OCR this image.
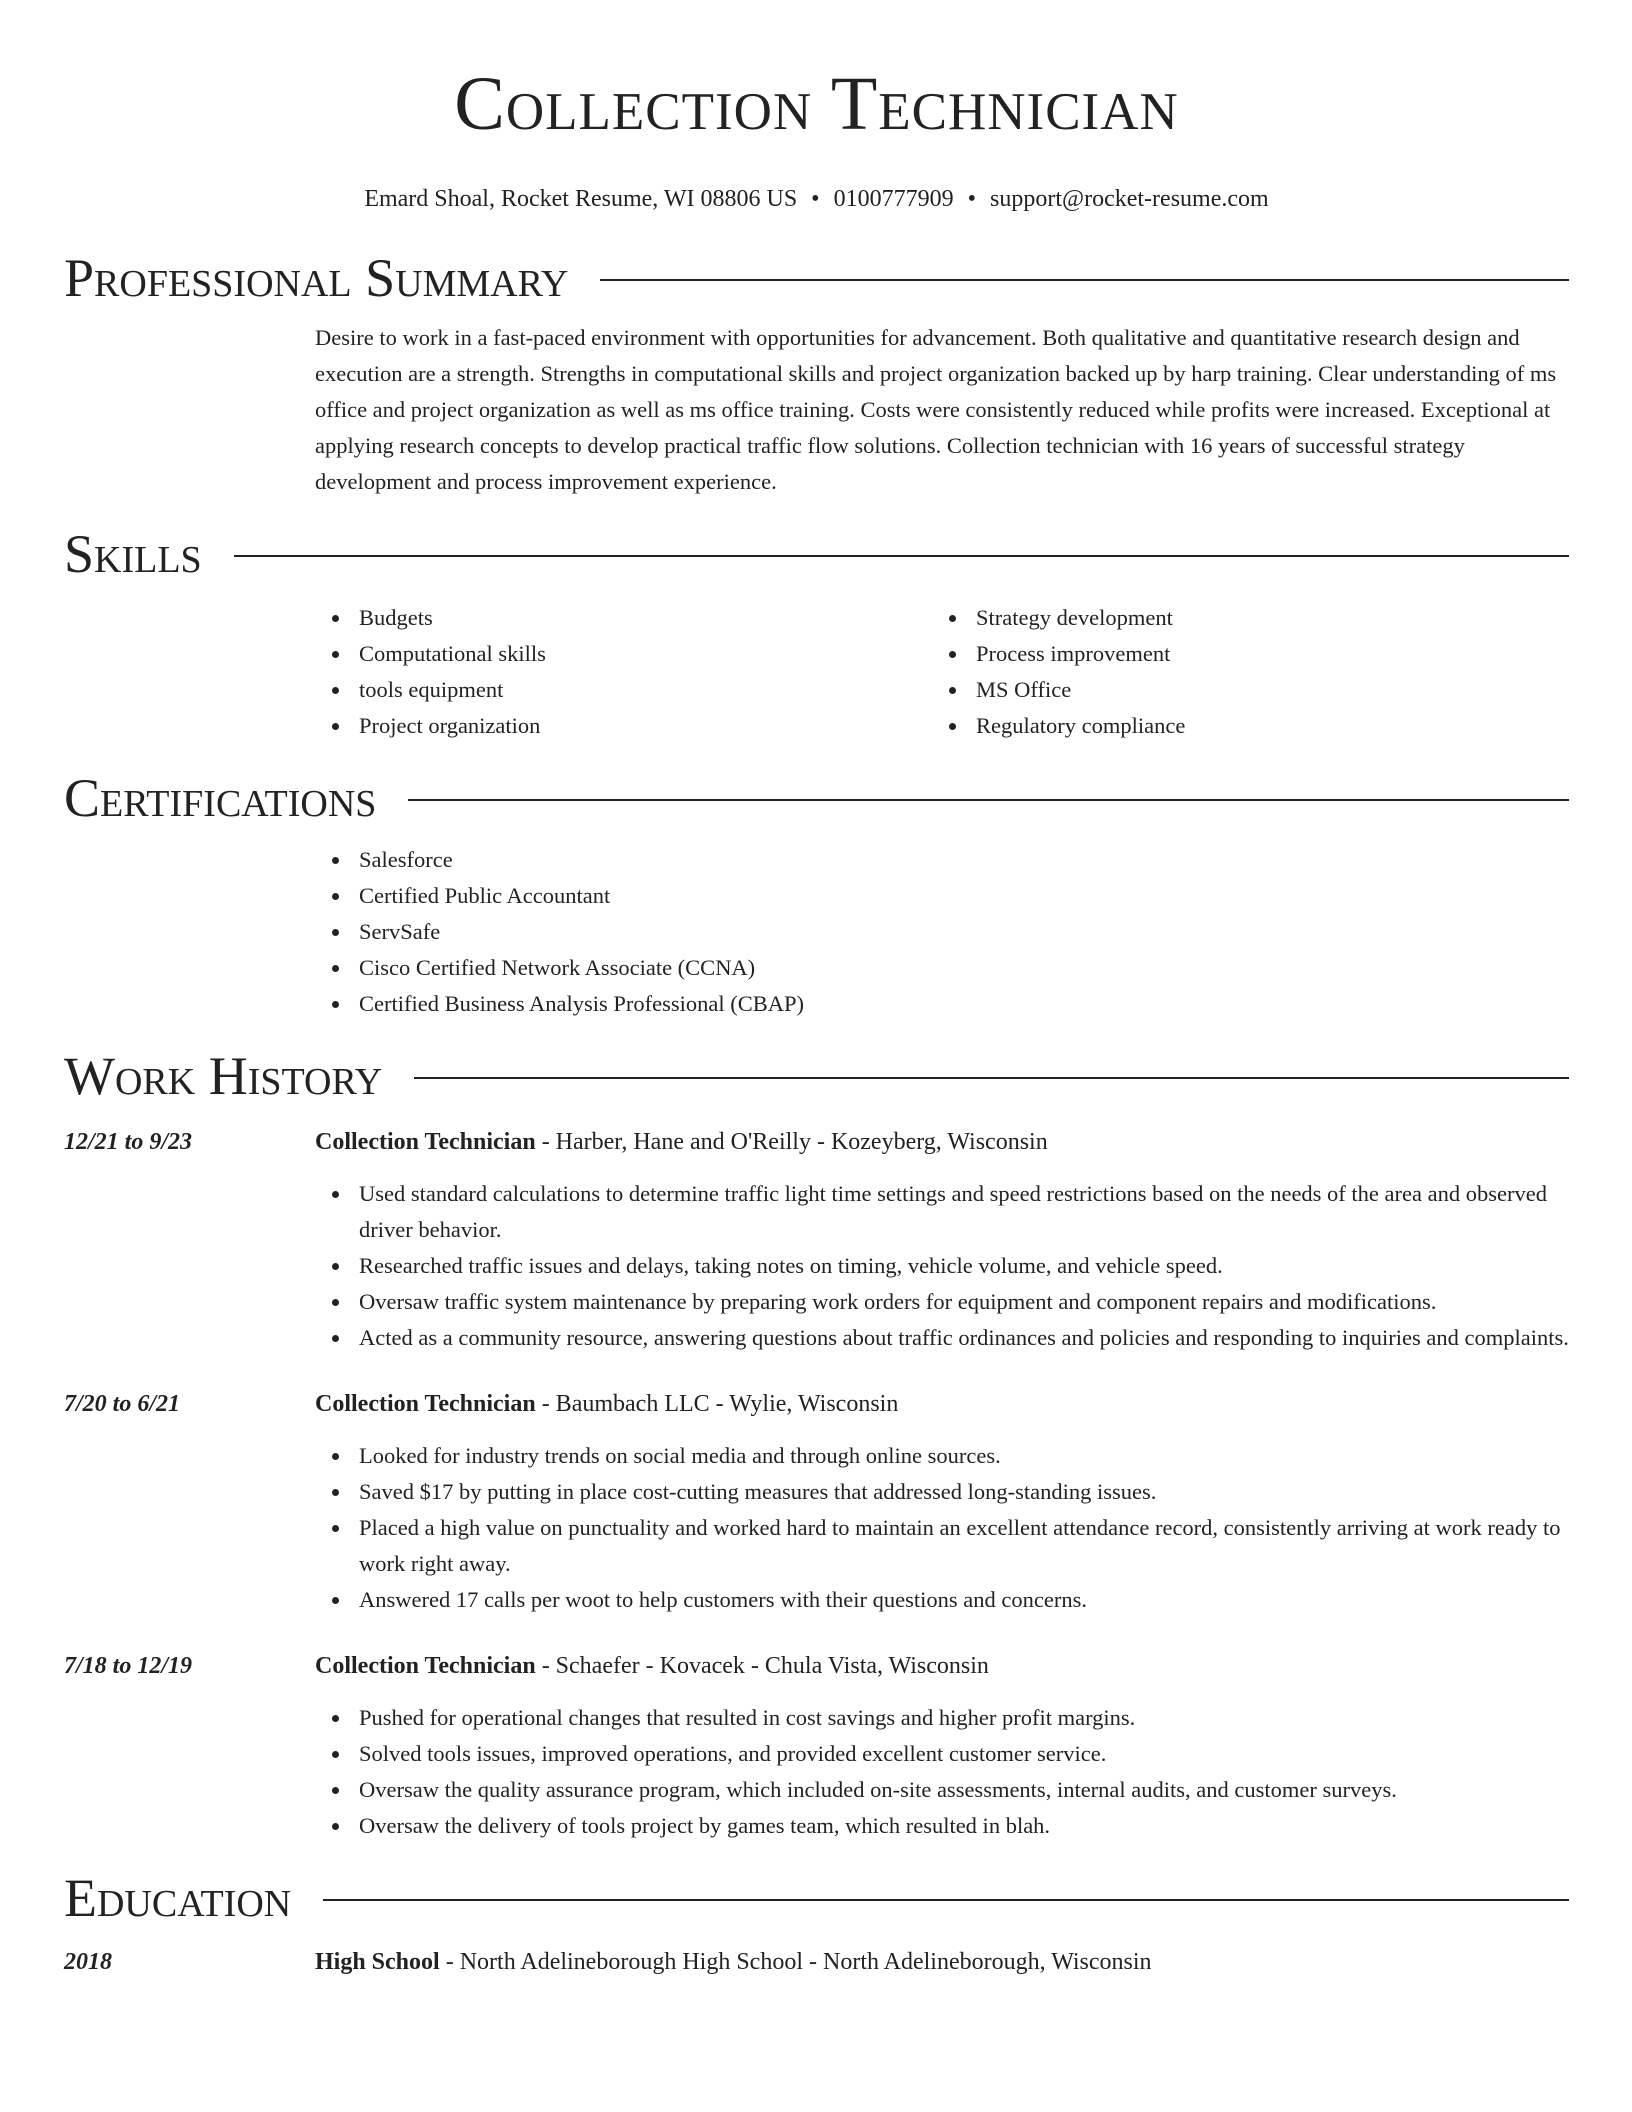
Collection Technician
Emard Shoal, Rocket Resume, WI 08806 US • 0100777909 • support@rocket-resume.com
Professional Summary

Desire to work in a fast-paced environment with opportunities for advancement. Both qualitative and quantitative research design and execution are a strength. Strengths in computational skills and project organization backed up by harp training. Clear understanding of ms office and project organization as well as ms office training. Costs were consistently reduced while profits were increased. Exceptional at applying research concepts to develop practical traffic flow solutions. Collection technician with 16 years of successful strategy development and process improvement experience.

Skills
Budgets
Computational skills
tools equipment
Project organization
Strategy development
Process improvement
MS Office
Regulatory compliance
Certifications
Salesforce
Certified Public Accountant
ServSafe
Cisco Certified Network Associate (CCNA)
Certified Business Analysis Professional (CBAP)
Work History
12/21 to 9/23	Collection Technician - Harber, Hane and O'Reilly - Kozeyberg, Wisconsin
Used standard calculations to determine traffic light time settings and speed restrictions based on the needs of the area and observed driver behavior.
Researched traffic issues and delays, taking notes on timing, vehicle volume, and vehicle speed.
Oversaw traffic system maintenance by preparing work orders for equipment and component repairs and modifications.
Acted as a community resource, answering questions about traffic ordinances and policies and responding to inquiries and complaints.
7/20 to 6/21	Collection Technician - Baumbach LLC - Wylie, Wisconsin
Looked for industry trends on social media and through online sources.
Saved $17 by putting in place cost-cutting measures that addressed long-standing issues.
Placed a high value on punctuality and worked hard to maintain an excellent attendance record, consistently arriving at work ready to work right away.
Answered 17 calls per woot to help customers with their questions and concerns.
7/18 to 12/19	Collection Technician - Schaefer - Kovacek - Chula Vista, Wisconsin
Pushed for operational changes that resulted in cost savings and higher profit margins.
Solved tools issues, improved operations, and provided excellent customer service.
Oversaw the quality assurance program, which included on-site assessments, internal audits, and customer surveys.
Oversaw the delivery of tools project by games team, which resulted in blah.
Education
2018	High School - North Adelineborough High School - North Adelineborough, Wisconsin
